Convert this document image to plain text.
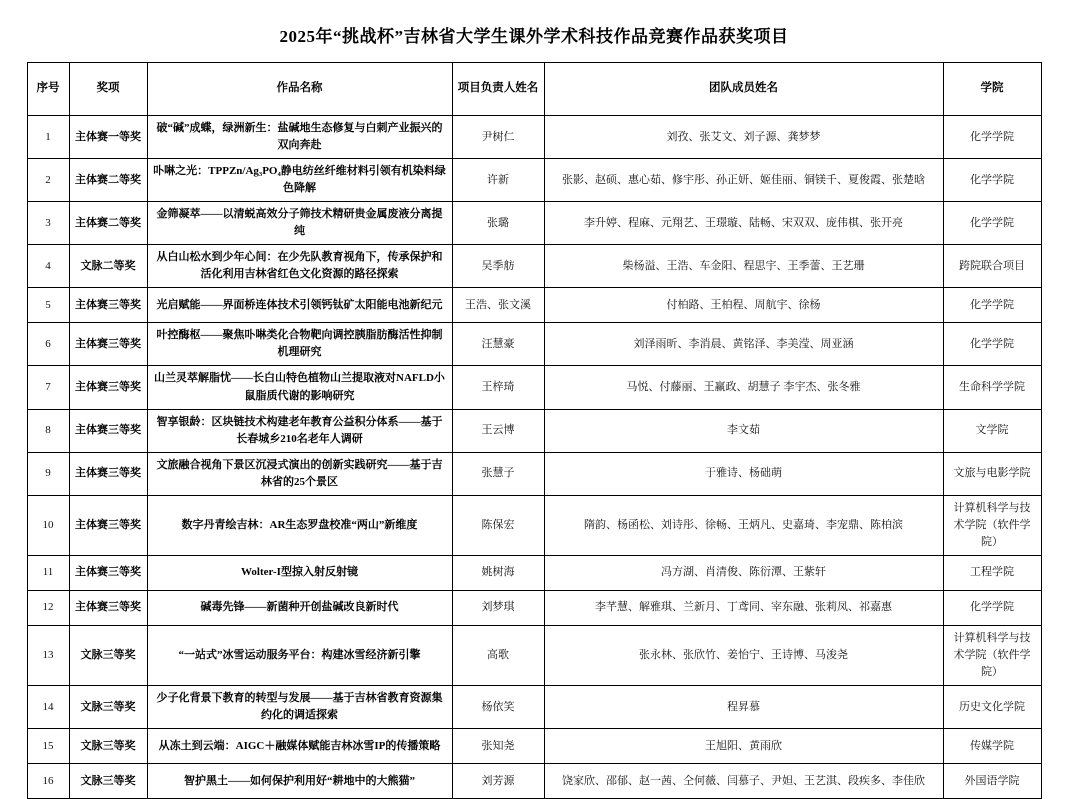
2025年“挑战杯”吉林省大学生课外学术科技作品竞赛作品获奖项目
序号	奖项	作品名称	项目负责人姓名	团队成员姓名	学院
1	主体赛一等奖	破“碱”成蝶，绿洲新生：盐碱地生态修复与白刺产业振兴的双向奔赴	尹树仁	刘孜、张艾文、刘子源、龚梦梦	化学学院
2	主体赛二等奖	卟啉之光：TPPZn/Ag₃PO₄静电纺丝纤维材料引领有机染料绿色降解	许新	张影、赵硕、惠心茹、修宇彤、孙正妍、姬佳丽、铜镁千、夏俊霞、张楚晗	化学学院
3	主体赛二等奖	金筛凝萃——以清蜕高效分子筛技术精研贵金属废液分离提纯	张璐	李升婷、程麻、元翔艺、王璟璇、陆畅、宋双双、庞伟棋、张开亮	化学学院
4	文脉二等奖	从白山松水到少年心间：在少先队教育视角下，传承保护和活化利用吉林省红色文化资源的路径探索	吴季舫	柴杨溢、王浩、车金阳、程思宇、王季蕾、王艺珊	跨院联合项目
5	主体赛三等奖	光启赋能——界面桥连体技术引领钙钛矿太阳能电池新纪元	王浩、张文溪	付柏路、王柏程、周航宇、徐杨	化学学院
6	主体赛三等奖	叶控酶枢——聚焦卟啉类化合物靶向调控胰脂肪酶活性抑制机理研究	汪慧豪	刘泽雨昕、李消晨、黄铭泽、李美滢、周亚涵	化学学院
7	主体赛三等奖	山兰灵萃解脂忧——长白山特色植物山兰提取液对NAFLD小鼠脂质代谢的影响研究	王梓琦	马悦、付藤丽、王赢政、胡慧子 李宇杰、张冬雅	生命科学学院
8	主体赛三等奖	智享银龄：区块链技术构建老年教育公益积分体系——基于长春城乡210名老年人调研	王云博	李文茹	文学院
9	主体赛三等奖	文旅融合视角下景区沉浸式演出的创新实践研究——基于吉林省的25个景区	张慧子	于雅诗、杨础萌	文旅与电影学院
10	主体赛三等奖	数字丹青绘吉林：AR生态罗盘校准“两山”新维度	陈保宏	隋韵、杨函松、刘诗彤、徐畅、王炳凡、史嘉琦、李宠鼎、陈柏滨	计算机科学与技术学院（软件学院）
11	主体赛三等奖	Wolter-I型掠入射反射镜	姚树海	冯方湖、肖清俊、陈衍潭、王紫轩	工程学院
12	主体赛三等奖	碱毒先锋——新菌种开创盐碱改良新时代	刘梦琪	李芊慧、解雅琪、兰新月、丁鸢同、宰东融、张莉凤、祁嘉惠	化学学院
13	文脉三等奖	“一站式”冰雪运动服务平台：构建冰雪经济新引擎	高歌	张永林、张欣竹、姜怡宁、王诗博、马浚尧	计算机科学与技术学院（软件学院）
14	文脉三等奖	少子化背景下教育的转型与发展——基于吉林省教育资源集约化的调适探索	杨依笑	程昇慕	历史文化学院
15	文脉三等奖	从冻土到云端：AIGC＋融媒体赋能吉林冰雪IP的传播策略	张知尧	王旭阳、黄雨欣	传媒学院
16	文脉三等奖	智护黑土——如何保护利用好“耕地中的大熊猫”	刘芳源	饶家欣、邵郁、赵一茜、仝何薇、闫慕子、尹妲、王艺淇、段疾多、李佳欣	外国语学院
